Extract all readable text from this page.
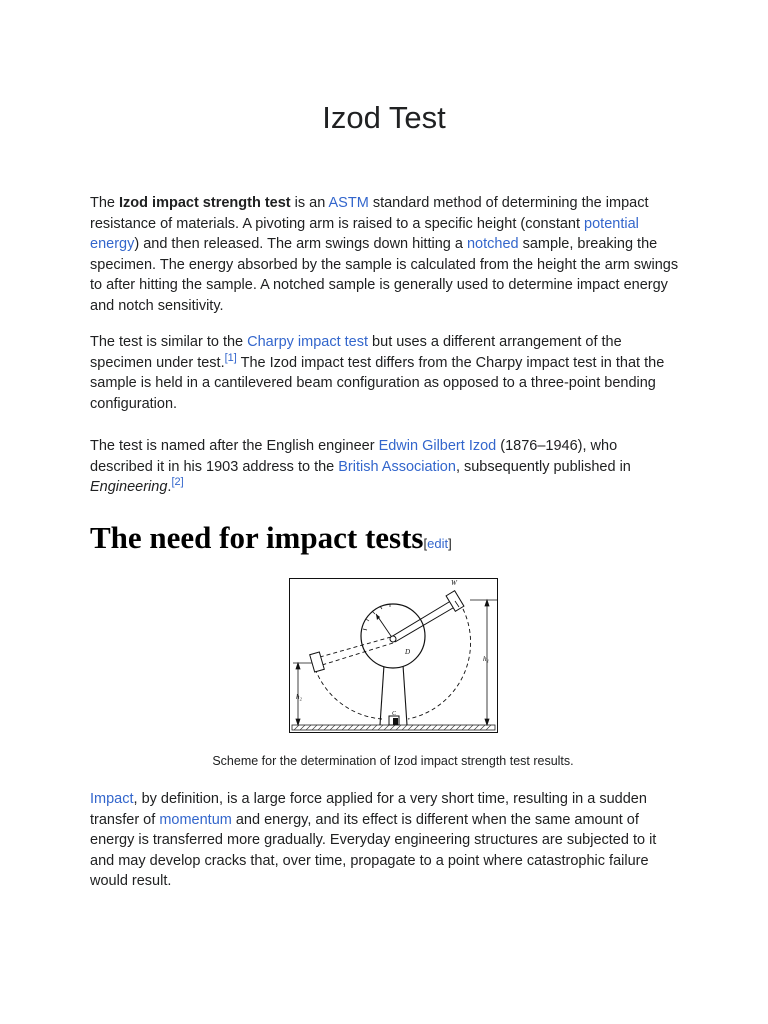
Izod Test

The Izod impact strength test is an ASTM standard method of determining the impact resistance of materials. A pivoting arm is raised to a specific height (constant potential energy) and then released. The arm swings down hitting a notched sample, breaking the specimen. The energy absorbed by the sample is calculated from the height the arm swings to after hitting the sample. A notched sample is generally used to determine impact energy and notch sensitivity.

The test is similar to the Charpy impact test but uses a different arrangement of the specimen under test.[1] The Izod impact test differs from the Charpy impact test in that the sample is held in a cantilevered beam configuration as opposed to a three-point bending configuration.

The test is named after the English engineer Edwin Gilbert Izod (1876–1946), who described it in his 1903 address to the British Association, subsequently published in Engineering.[2]

The need for impact tests[edit]
h₁
h₂
W
D
C

Scheme for the determination of Izod impact strength test results.

Impact, by definition, is a large force applied for a very short time, resulting in a sudden transfer of momentum and energy, and its effect is different when the same amount of energy is transferred more gradually. Everyday engineering structures are subjected to it and may develop cracks that, over time, propagate to a point where catastrophic failure would result.
